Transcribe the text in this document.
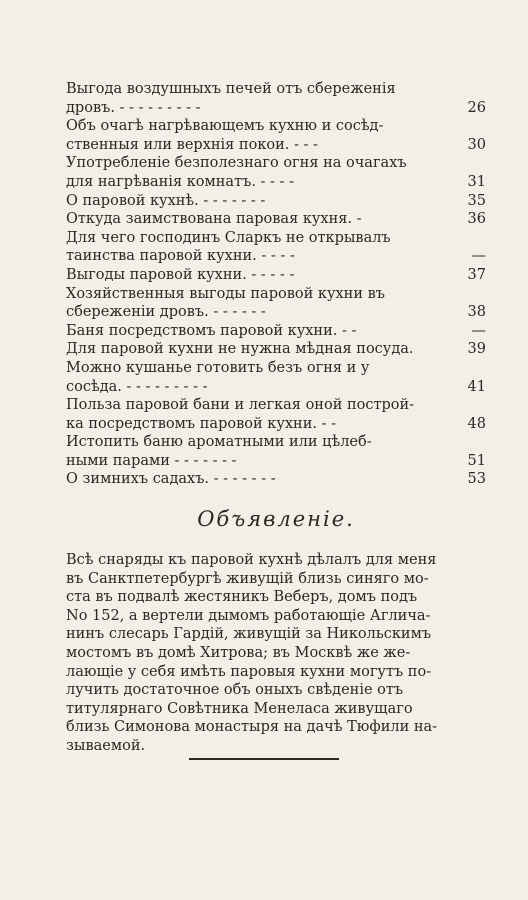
Выгода воздушныхъ печей отъ сбереженія
дровъ. - - - - - - - - -	26
Объ очагѣ нагрѣвающемъ кухню и сосѣд-
ственныя или верхнія покои. - - -	30
Употребленіе безполезнаго огня на очагахъ
для нагрѣванія комнатъ. - - - -	31
О паровой кухнѣ. - - - - - - -	35
Откуда заимствована паровая кухня. -	36
Для чего господинъ Сларкъ не открывалъ
таинства паровой кухни. - - - -	—
Выгоды паровой кухни. - - - - -	37
Хозяйственныя выгоды паровой кухни въ
сбереженіи дровъ. - - - - - -	38
Баня посредствомъ паровой кухни. - -	—
Для паровой кухни не нужна мѣдная посуда.	39
Можно кушанье готовить безъ огня и у
сосѣда. - - - - - - - - -	41
Польза паровой бани и легкая оной построй-
ка посредствомъ паровой кухни. - -	48
Истопить баню ароматными или цѣлеб-
ными парами - - - - - - -	51
О зимнихъ садахъ. - - - - - - -	53
Объявленіе.
Всѣ снаряды къ паровой кухнѣ дѣлалъ для меня
въ Санктпетербургѣ живущій близь синяго мо-
ста въ подвалѣ жестяникъ Веберъ, домъ подъ
No 152, а вертели дымомъ работающіе Аглича-
нинъ слесарь Гардій, живущій за Никольскимъ
мостомъ въ домѣ Хитрова; въ Москвѣ же же-
лающіе у себя имѣть паровыя кухни могутъ по-
лучить достаточное объ оныхъ свѣденіе отъ
титулярнаго Совѣтника Менеласа живущаго
близь Симонова монастыря на дачѣ Тюфили на-
зываемой.
